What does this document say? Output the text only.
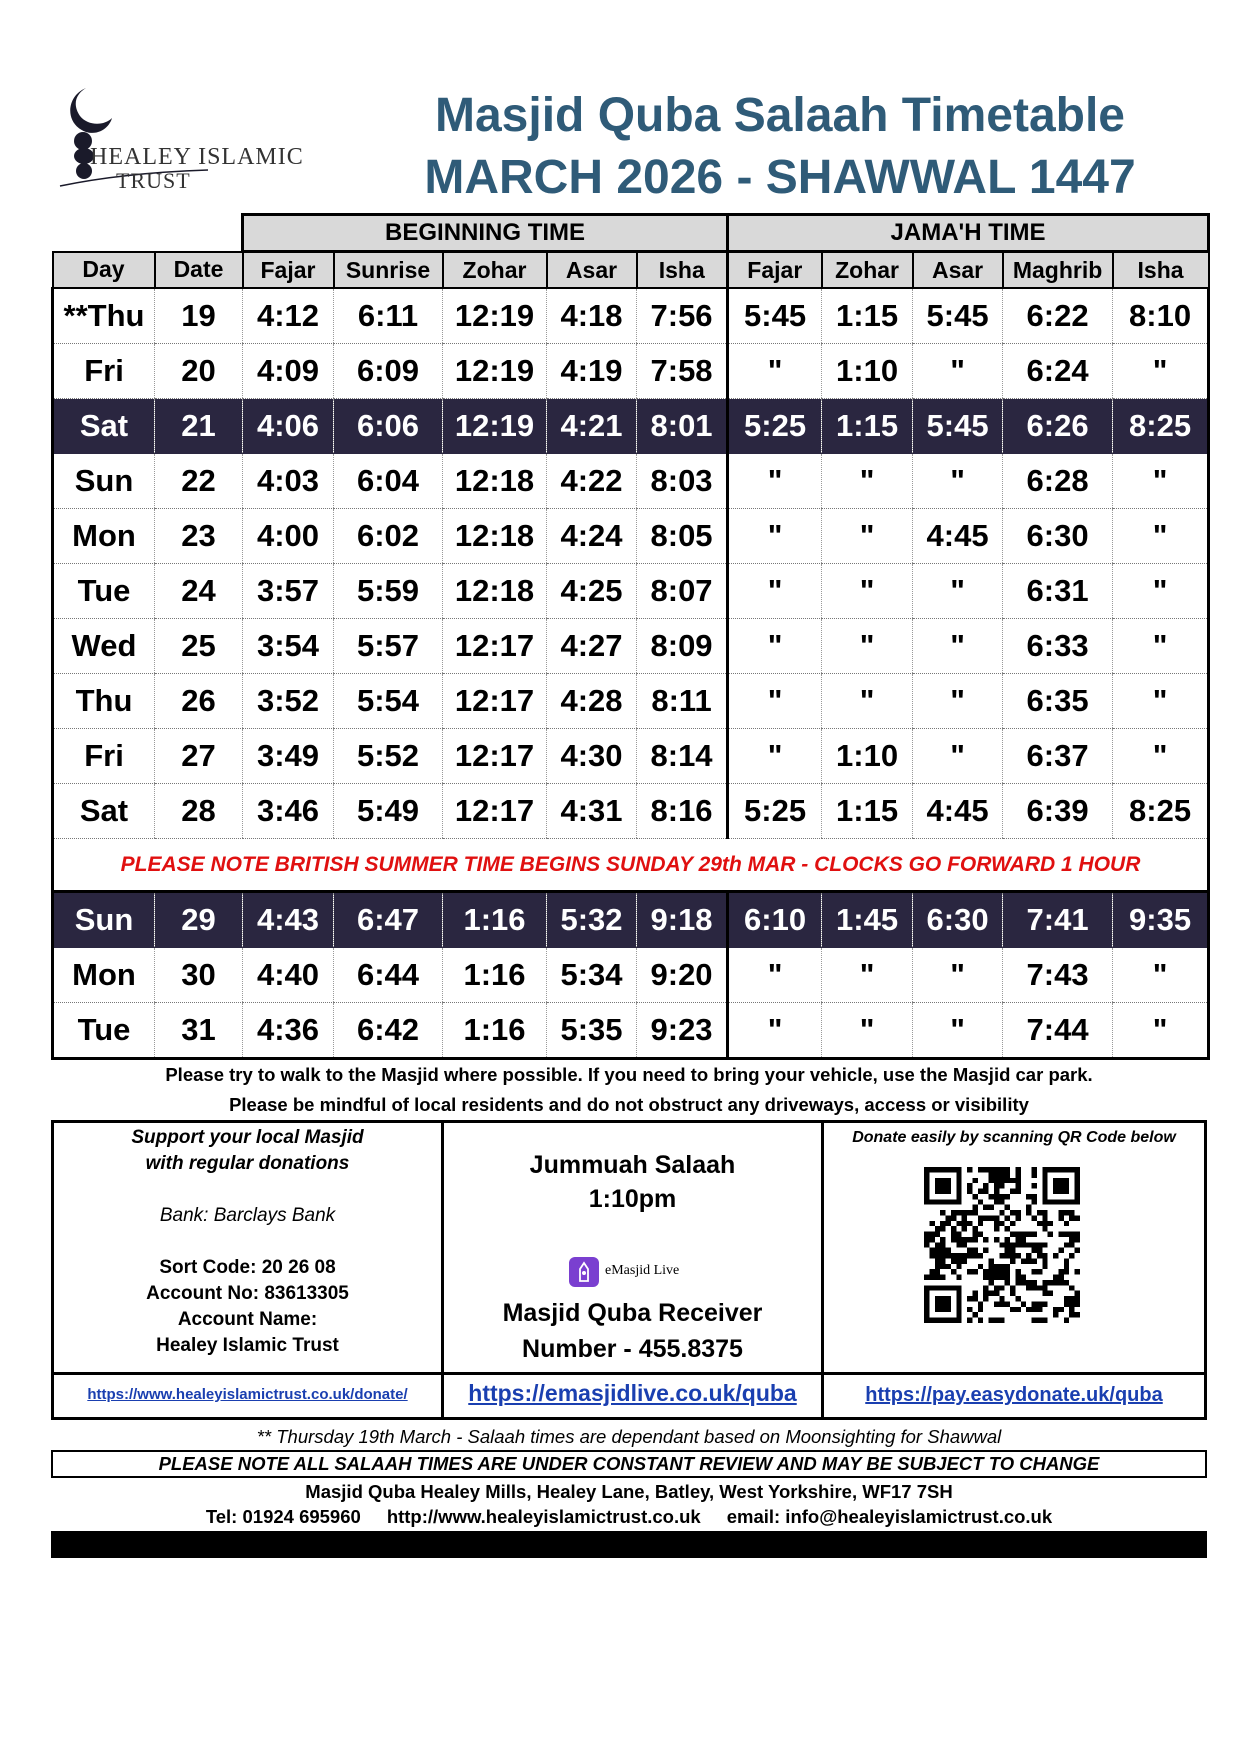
HEALEY ISLAMIC
TRUST
Masjid Quba Salaah Timetable
MARCH 2026 - SHAWWAL 1447
		BEGINNING TIME					JAMA'H TIME				
Day	Date	Fajar	Sunrise	Zohar	Asar	Isha	Fajar	Zohar	Asar	Maghrib	Isha
**Thu	19	4:12	6:11	12:19	4:18	7:56	5:45	1:15	5:45	6:22	8:10
Fri	20	4:09	6:09	12:19	4:19	7:58	"	1:10	"	6:24	"
Sat	21	4:06	6:06	12:19	4:21	8:01	5:25	1:15	5:45	6:26	8:25
Sun	22	4:03	6:04	12:18	4:22	8:03	"	"	"	6:28	"
Mon	23	4:00	6:02	12:18	4:24	8:05	"	"	4:45	6:30	"
Tue	24	3:57	5:59	12:18	4:25	8:07	"	"	"	6:31	"
Wed	25	3:54	5:57	12:17	4:27	8:09	"	"	"	6:33	"
Thu	26	3:52	5:54	12:17	4:28	8:11	"	"	"	6:35	"
Fri	27	3:49	5:52	12:17	4:30	8:14	"	1:10	"	6:37	"
Sat	28	3:46	5:49	12:17	4:31	8:16	5:25	1:15	4:45	6:39	8:25
PLEASE NOTE BRITISH SUMMER TIME BEGINS SUNDAY 29th MAR - CLOCKS GO FORWARD 1 HOUR											
Sun	29	4:43	6:47	1:16	5:32	9:18	6:10	1:45	6:30	7:41	9:35
Mon	30	4:40	6:44	1:16	5:34	9:20	"	"	"	7:43	"
Tue	31	4:36	6:42	1:16	5:35	9:23	"	"	"	7:44	"
Please try to walk to the Masjid where possible. If you need to bring your vehicle, use the Masjid car park.
Please be mindful of local residents and do not obstruct any driveways, access or visibility
Support your local Masjid
with regular donations
Bank: Barclays Bank
Sort Code: 20 26 08
Account No: 83613305
Account Name:
Healey Islamic Trust
https://www.healeyislamictrust.co.uk/donate/
Jummuah Salaah
1:10pm
eMasjid Live
Masjid Quba Receiver
Number - 455.8375
https://emasjidlive.co.uk/quba
Donate easily by scanning QR Code below
https://pay.easydonate.uk/quba
** Thursday 19th March - Salaah times are dependant based on Moonsighting for Shawwal
PLEASE NOTE ALL SALAAH TIMES ARE UNDER CONSTANT REVIEW AND MAY BE SUBJECT TO CHANGE
Masjid Quba Healey Mills, Healey Lane, Batley, West Yorkshire, WF17 7SH
Tel: 01924 695960 http://www.healeyislamictrust.co.uk email: info@healeyislamictrust.co.uk
